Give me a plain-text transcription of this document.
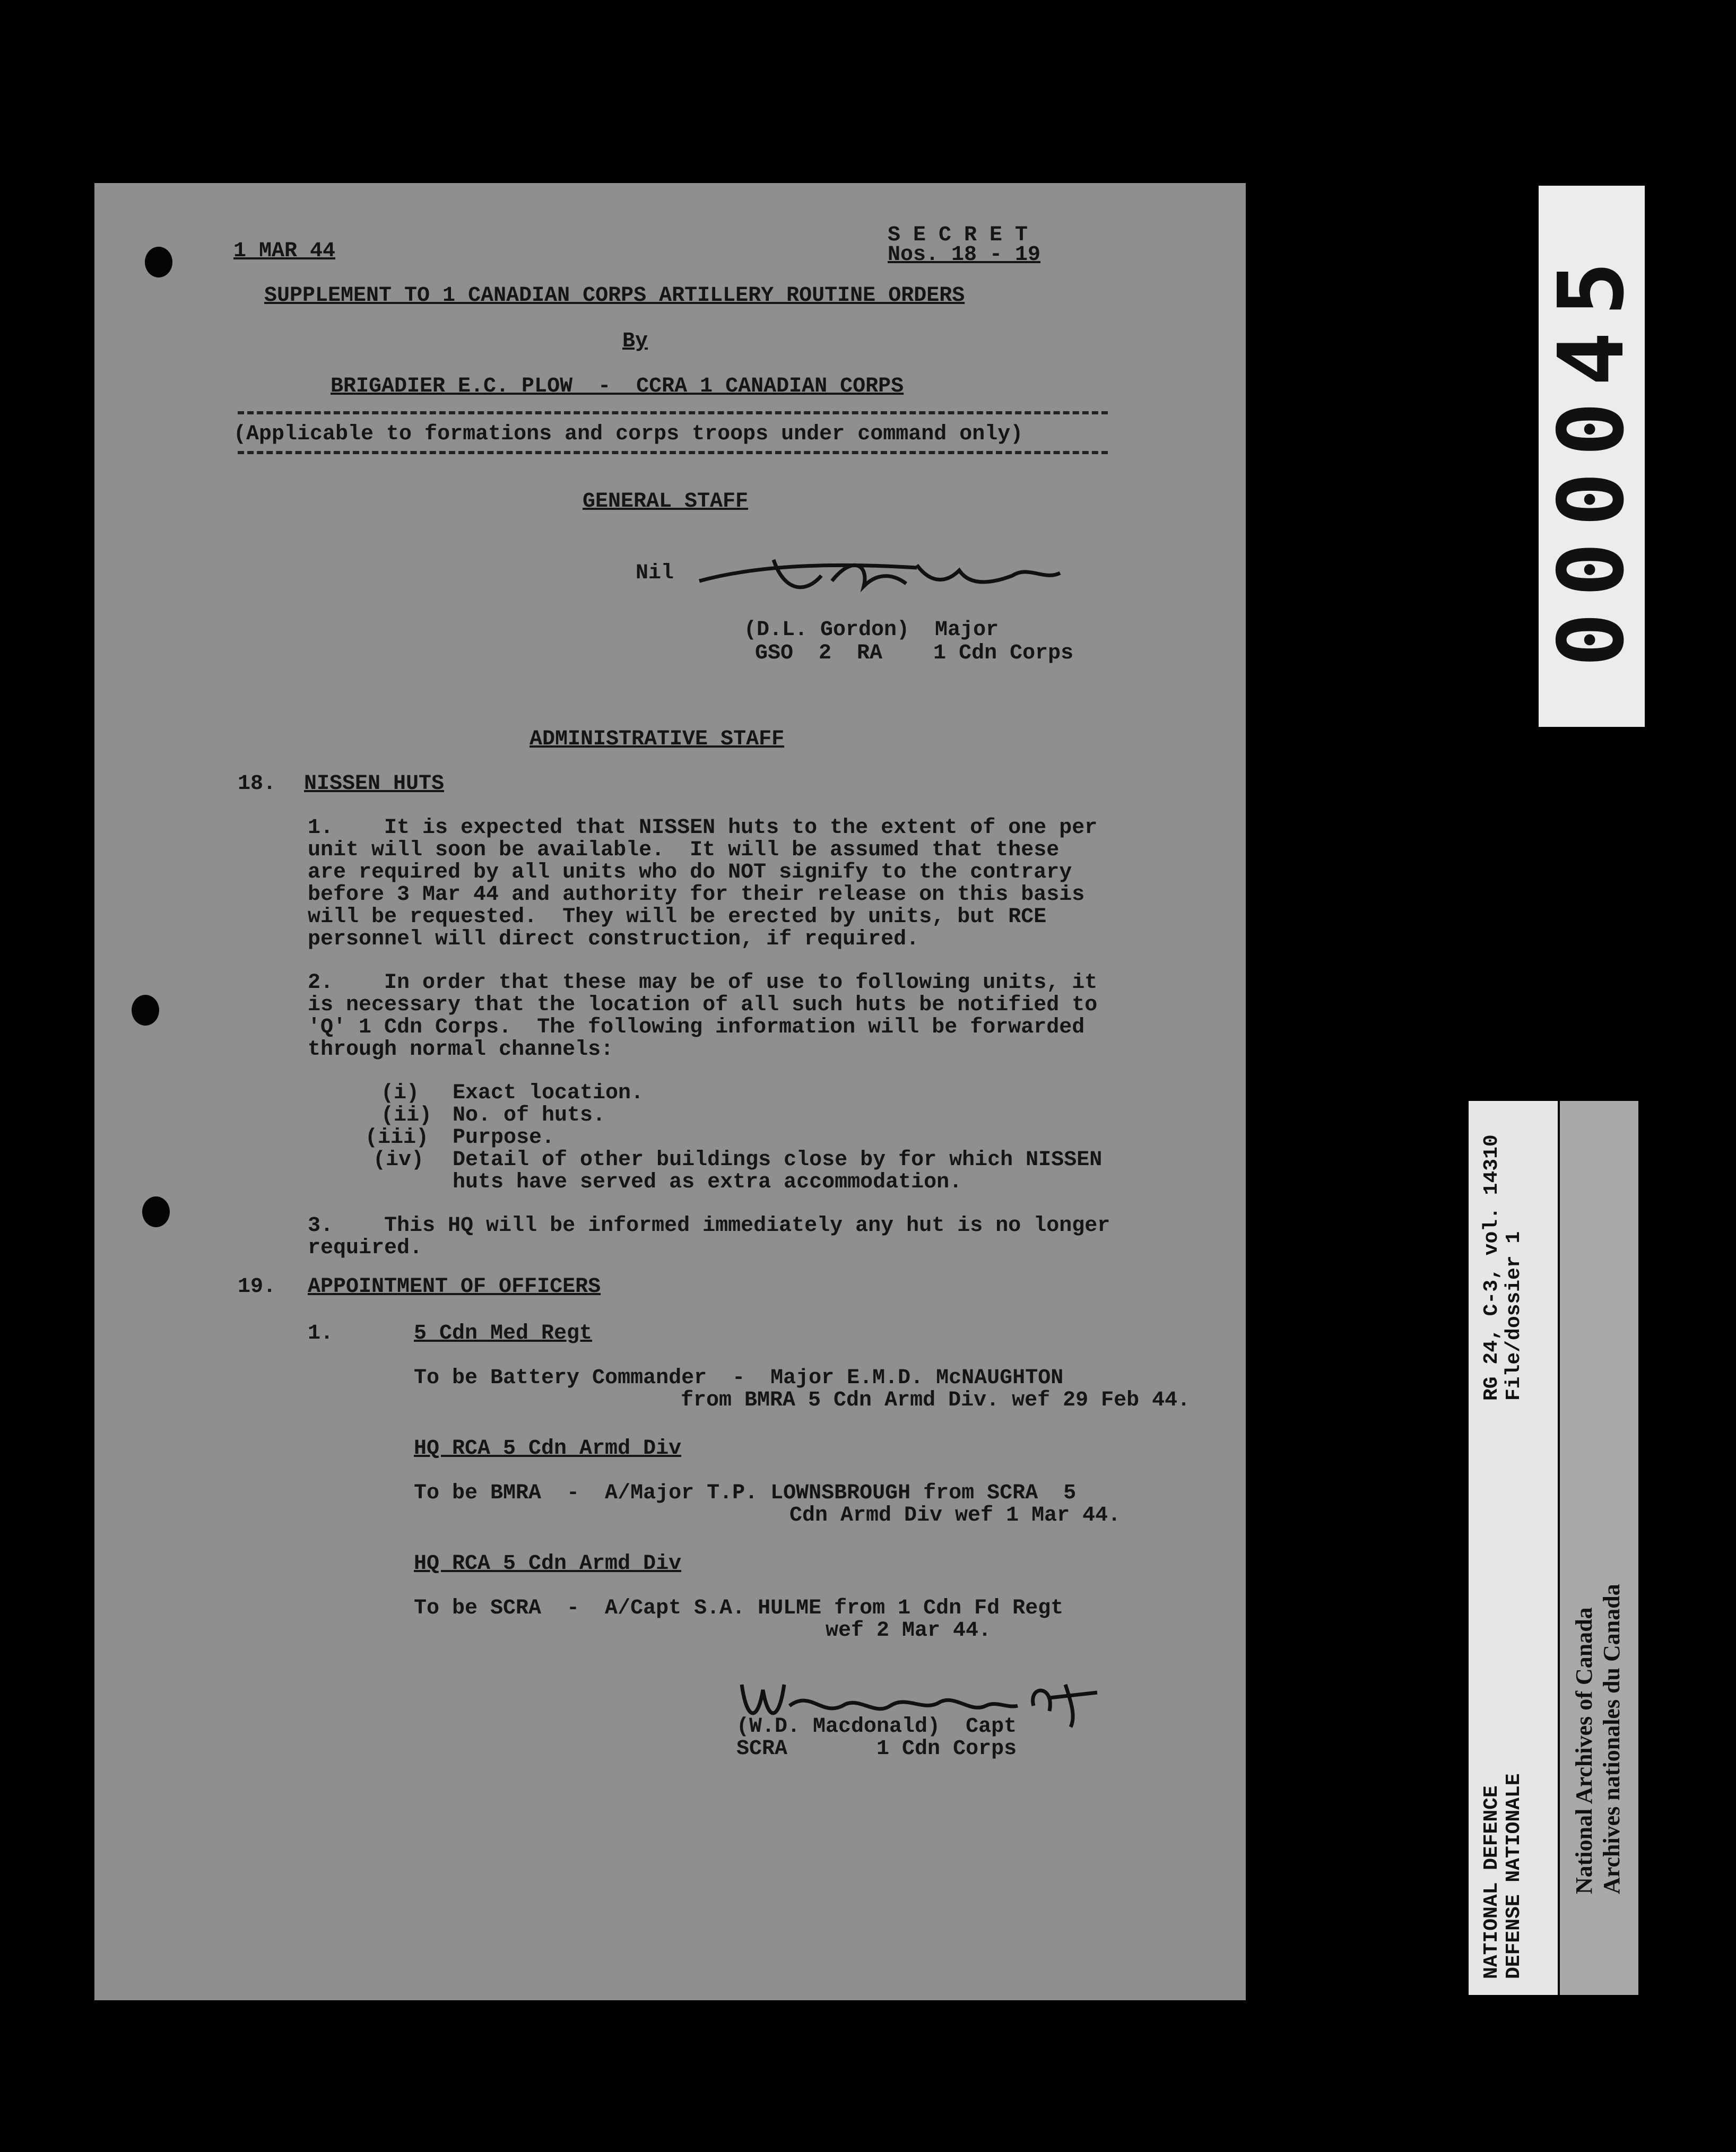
1 MAR 44
S E C R E T
Nos. 18 - 19
SUPPLEMENT TO 1 CANADIAN CORPS ARTILLERY ROUTINE ORDERS
By
BRIGADIER E.C. PLOW  -  CCRA 1 CANADIAN CORPS
(Applicable to formations and corps troops under command only)
GENERAL STAFF
Nil
(D.L. Gordon)  Major
GSO  2  RA    1 Cdn Corps
ADMINISTRATIVE STAFF
18. NISSEN HUTS
1.    It is expected that NISSEN huts to the extent of one per
unit will soon be available.  It will be assumed that these
are required by all units who do NOT signify to the contrary
before 3 Mar 44 and authority for their release on this basis
will be requested.  They will be erected by units, but RCE
personnel will direct construction, if required.
2.    In order that these may be of use to following units, it
is necessary that the location of all such huts be notified to
'Q' 1 Cdn Corps.  The following information will be forwarded
through normal channels:
(i) Exact location.
(ii) No. of huts.
(iii) Purpose.
(iv) Detail of other buildings close by for which NISSEN
huts have served as extra accommodation.
3.    This HQ will be informed immediately any hut is no longer
required.
19. APPOINTMENT OF OFFICERS
1.	5 Cdn Med Regt
To be Battery Commander  -  Major E.M.D. McNAUGHTON
from BMRA 5 Cdn Armd Div. wef 29 Feb 44.
HQ RCA 5 Cdn Armd Div
To be BMRA  -  A/Major T.P. LOWNSBROUGH from SCRA  5
Cdn Armd Div wef 1 Mar 44.
HQ RCA 5 Cdn Armd Div
To be SCRA  -  A/Capt S.A. HULME from 1 Cdn Fd Regt
wef 2 Mar 44.
(W.D. Macdonald)  Capt
SCRA       1 Cdn Corps
000045

NATIONAL DEFENCE

DEFENSE NATIONALE

RG 24, C-3, vol. 14310

File/dossier 1

National Archives of Canada

Archives nationales du Canada
